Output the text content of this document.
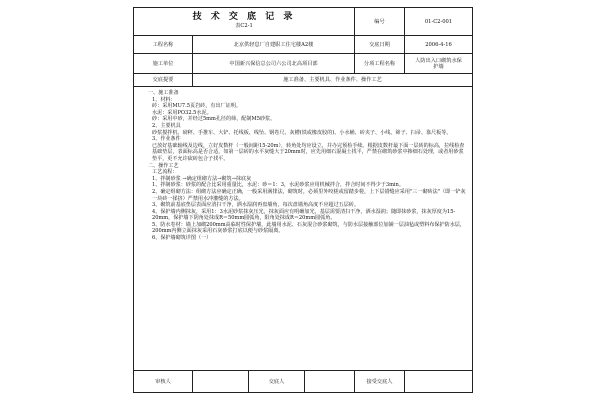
技 术 交 底 记 录
表C2-1
编号	01-C2-001
工程名称	北京供轻息厂自建职工住宅楼A2楼	交底日期	2006-4-16
施工单位	中国新兴保信总公司六公司北高项目部	分项工程名称	人防出入口砌筑水保护墙
交底提要	施工准备、主要机具、作业条件、操作工艺

一、施工准备

1、材料：

砖：采用MU7.5页岩砖，有出厂证明。

水泥：采用PO32.5水泥。

砂：采用中砂，并经过5mm孔径的筛，配制M5砂浆。

2、主要机具

砂浆搅拌机、磅秤、手推车、大铲、托线板、线坠、钢卷尺、灰槽(铁或橡皮胶的)、小水桶、砖夹子、小线、筛子、扫帚、靠尺板等。

3、作业条件

已放好基础轴线及边线，立好皮数杆（一般间距15-20m），转角处均应设立，并办完预检手续。根据皮数杆最下面一层砖的标高，拉线检查基础垫层，表面标高是否合适，如第一层砖的水平灰缝大于20mm时，应先用细石混凝土找平，严禁在砌筑砂浆中掺细石处理，或者用砂浆垫平，更不允许砍砖包合子找平。

二、操作工艺

工艺流程：

1、拌制砂浆 →确定组砌方法→砌筑→抹底灰

1、拌制砂浆：砂浆的配合比采用重量比，水泥：砂＝1：3，水泥砂浆应用机械拌合，拌合时间不得少于3min。

2、确定组砌方法：组砌方法应确定正确，一般采用满排法，砌筑时，必须里外咬槎或留踏步槎，上下层错缝应采用"三一砌砖法"（即一铲灰一块砖一揉挤）严禁用水冲灌缝的方法。

3、砌筑前基底垫层表面应清扫干净，洒水湿润再盘墙角，每次盘墙角高度不应超过五层砖。

4、保护墙内侧抹灰，采用1：3水泥砂浆抹灰压光，抹灰面应有明确加光，基层需要清扫干净，洒水湿润；随即抹砂浆，抹灰厚度为15-20mm，保护墙下阴角处抹成R＝50mm圆弧角，阳角处抹成R＝20mm圆弧角。

5、防水卷材：墙上加砌200mm高临时性保护墙，此墙用水泥、石灰混合砂浆砌筑，与防水层接触部位加铺一层油毡或塑料布保护防水层，200mm内侧立面抹灰采用石灰砂浆打底以便与砂浆隔离。

6、保护墙砌筑详图（一）

审核人	交底人	接受交底人
